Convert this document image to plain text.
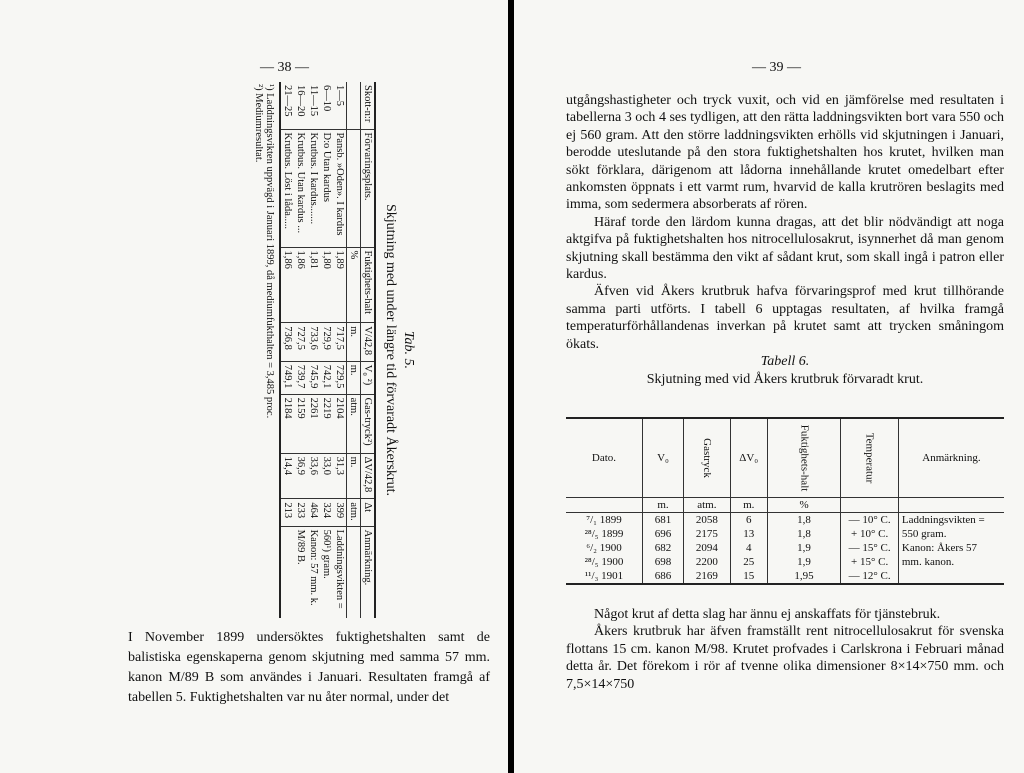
— 38 —
Tab. 5.
Skjutning med under längre tid förvaradt Åkerskrut.
Skott-n:r	Förvaringsplats.	Fuktighets-halt	V/42,8	V₀ ²)	Gas-tryck²)	ΔV/42,8	Δt	Anmärkning.
		%	m.	m.	atm.	m.	atm.	
1—5	Pansb. »Oden». I kardus	1,89	717,5	729,5	2104	31,3	399	Laddningsvikten =
6—10	D:o Utan kardus	1,80	729,9	742,1	2219	33,0	324	560¹) gram.
11—15	Krutbus. I kardus.......	1,81	733,6	745,9	2261	33,6	464	Kanon: 57 mm. k.
16—20	Krutbus. Utan kardus ...	1,86	727,5	739,7	2159	36,9	233	M/89 B.
21—25	Krutbus. Löst i låda.....	1,86	736,8	749,1	2184	14,4	213	
¹) Laddningsvikten uppvägd i Januari 1899, då mediumfukthalten = 3,485 proc.
²) Mediumresultat.
I November 1899 undersöktes fuktighetshalten samt de balistiska egenskaperna genom skjutning med samma 57 mm. kanon M/89 B som användes i Januari. Resultaten framgå af tabellen 5. Fuktighetshalten var nu åter normal, under det
— 39 —

utgångshastigheter och tryck vuxit, och vid en jämförelse med resultaten i tabellerna 3 och 4 ses tydligen, att den rätta laddningsvikten bort vara 550 och ej 560 gram. Att den större laddningsvikten erhölls vid skjutningen i Januari, berodde uteslutande på den stora fuktighetshalten hos krutet, hvilken man sökt förklara, därigenom att lådorna innehållande krutet omedelbart efter ankomsten öppnats i ett varmt rum, hvarvid de kalla krutrören beslagits med imma, som sedermera absorberats af rören.

Häraf torde den lärdom kunna dragas, att det blir nödvändigt att noga aktgifva på fuktighetshalten hos nitrocellulosakrut, isynnerhet då man genom skjutning skall bestämma den vikt af sådant krut, som skall ingå i patron eller kardus.

Äfven vid Åkers krutbruk hafva förvaringsprof med krut tillhörande samma parti utförts. I tabell 6 upptagas resultaten, af hvilka framgå temperaturförhållandenas inverkan på krutet samt att trycken småningom ökats.

Tabell 6.

Skjutning med vid Åkers krutbruk förvaradt krut.

Dato.	V₀	Gastryck	ΔV₀	Fuktighets-halt	Temperatur	Anmärkning.
	m.	atm.	m.	%		
⁷/₁ 1899	681	2058	6	1,8	— 10° C.	Laddningsvikten =
²⁸/₅ 1899	696	2175	13	1,8	+ 10° C.	550 gram.
⁶/₂ 1900	682	2094	4	1,9	— 15° C.	Kanon: Åkers 57
²⁸/₅ 1900	698	2200	25	1,9	+ 15° C.	mm. kanon.
¹¹/₃ 1901	686	2169	15	1,95	— 12° C.	

Något krut af detta slag har ännu ej anskaffats för tjänstebruk.

Åkers krutbruk har äfven framställt rent nitrocellulosakrut för svenska flottans 15 cm. kanon M/98. Krutet profvades i Carlskrona i Februari månad detta år. Det förekom i rör af tvenne olika dimensioner 8×14×750 mm. och 7,5×14×750
